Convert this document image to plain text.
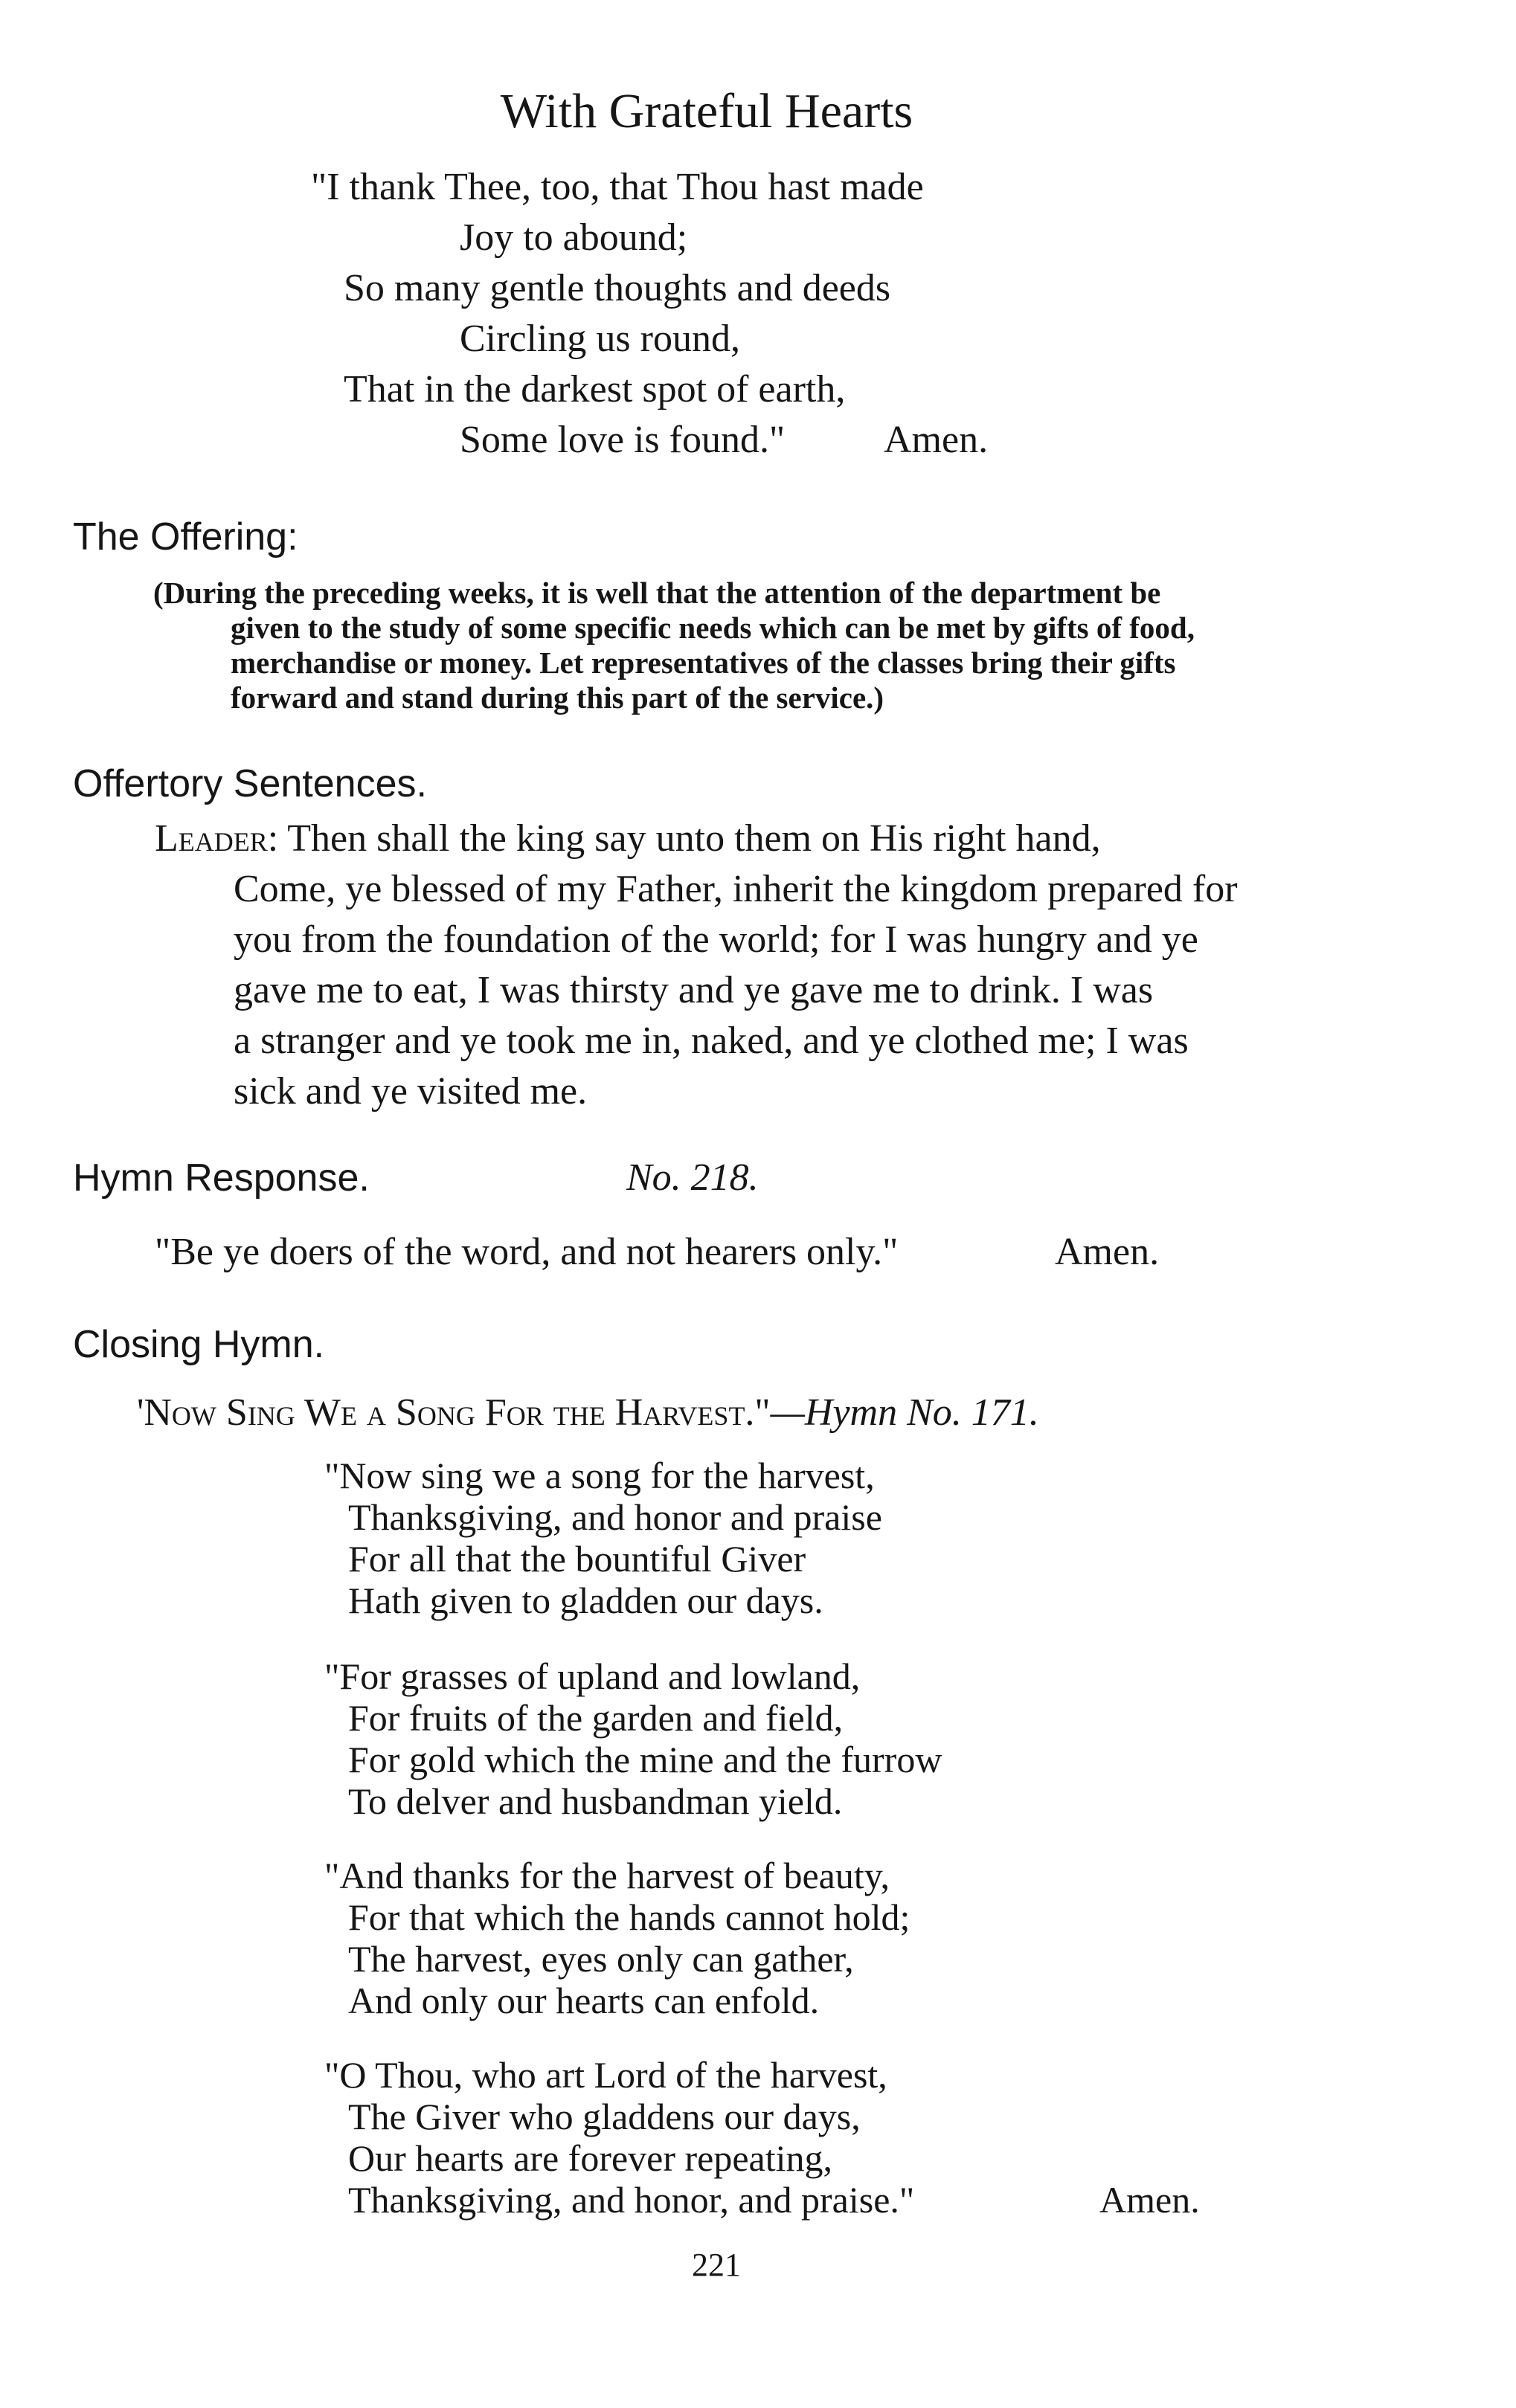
With Grateful Hearts
"I thank Thee, too, that Thou hast made
Joy to abound;
So many gentle thoughts and deeds
Circling us round,
That in the darkest spot of earth,
Some love is found."	Amen.
The Offering:
(During the preceding weeks, it is well that the attention of the department be
given to the study of some specific needs which can be met by gifts of food,
merchandise or money. Let representatives of the classes bring their gifts
forward and stand during this part of the service.)
Offertory Sentences.
Leader: Then shall the king say unto them on His right hand,
Come, ye blessed of my Father, inherit the kingdom prepared for
you from the foundation of the world; for I was hungry and ye
gave me to eat, I was thirsty and ye gave me to drink. I was
a stranger and ye took me in, naked, and ye clothed me; I was
sick and ye visited me.
Hymn Response.	No. 218.
"Be ye doers of the word, and not hearers only."	Amen.
Closing Hymn.
'Now Sing We a Song For the Harvest."—Hymn No. 171.
"Now sing we a song for the harvest,
Thanksgiving, and honor and praise
For all that the bountiful Giver
Hath given to gladden our days.
"For grasses of upland and lowland,
For fruits of the garden and field,
For gold which the mine and the furrow
To delver and husbandman yield.
"And thanks for the harvest of beauty,
For that which the hands cannot hold;
The harvest, eyes only can gather,
And only our hearts can enfold.
"O Thou, who art Lord of the harvest,
The Giver who gladdens our days,
Our hearts are forever repeating,
Thanksgiving, and honor, and praise."	Amen.
221
